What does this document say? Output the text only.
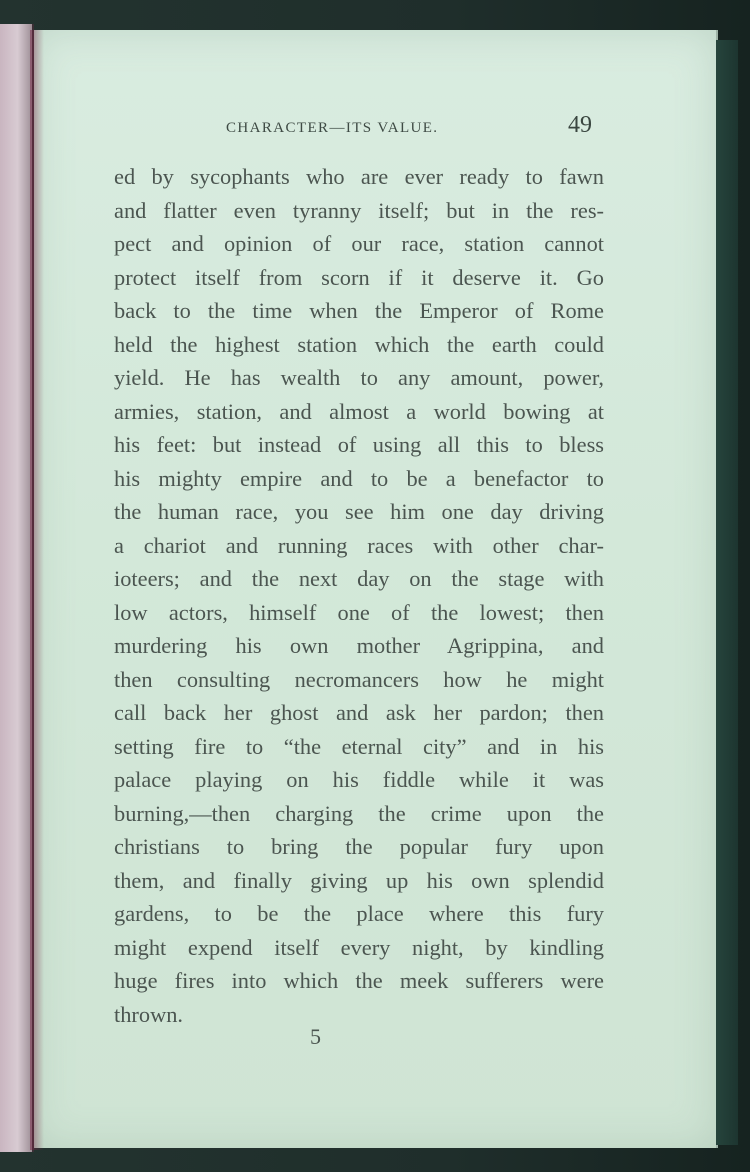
CHARACTER—ITS VALUE.	49
ed by sycophants who are ever ready to fawn
and flatter even tyranny itself; but in the res-
pect and opinion of our race, station cannot
protect itself from scorn if it deserve it. Go
back to the time when the Emperor of Rome
held the highest station which the earth could
yield. He has wealth to any amount, power,
armies, station, and almost a world bowing at
his feet: but instead of using all this to bless
his mighty empire and to be a benefactor to
the human race, you see him one day driving
a chariot and running races with other char-
ioteers; and the next day on the stage with
low actors, himself one of the lowest; then
murdering his own mother Agrippina, and
then consulting necromancers how he might
call back her ghost and ask her pardon; then
setting fire to “the eternal city” and in his
palace playing on his fiddle while it was
burning,—then charging the crime upon the
christians to bring the popular fury upon
them, and finally giving up his own splendid
gardens, to be the place where this fury
might expend itself every night, by kindling
huge fires into which the meek sufferers were
thrown.
5
